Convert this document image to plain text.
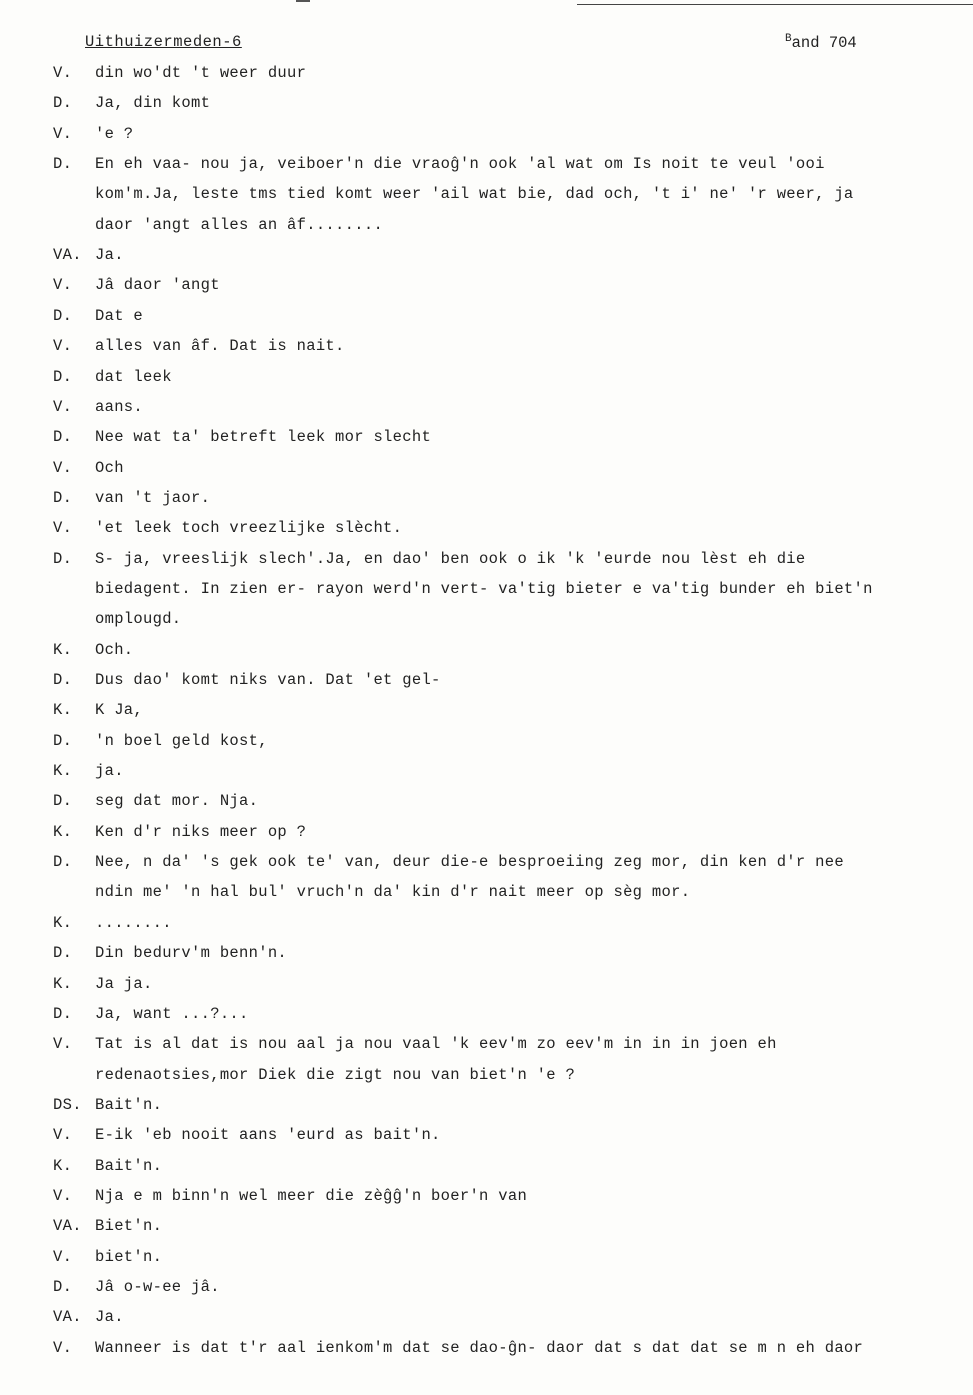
Uithuizermeden-6	$^B$and 704
V. din wo'dt 't weer duur
D. Ja, din komt
V. 'e ?
D. En eh vaa- nou ja, veiboer'n die vraoĝ'n ook 'al wat om Is noit te veul 'ooi
kom'm.Ja, leste tms tied komt weer 'ail wat bie, dad och, 't i' ne' 'r weer, ja
daor 'angt alles an âf........
VA. Ja.
V. Jâ daor 'angt
D. Dat e
V. alles van âf. Dat is nait.
D. dat leek
V. aans.
D. Nee wat ta' betreft leek mor slecht
V. Och
D. van 't jaor.
V. 'et leek toch vreezlijke slècht.
D. S- ja, vreeslijk slech'.Ja, en dao' ben ook o ik 'k 'eurde nou lèst eh die
biedagent. In zien er- rayon werd'n vert- va'tig bieter e va'tig bunder eh biet'n
omplougd.
K. Och.
D. Dus dao' komt niks van. Dat 'et gel-
K. K Ja,
D. 'n boel geld kost,
K. ja.
D. seg dat mor. Nja.
K. Ken d'r niks meer op ?
D. Nee, n da' 's gek ook te' van, deur die-e besproeiing zeg mor, din ken d'r nee
ndin me' 'n hal bul' vruch'n da' kin d'r nait meer op sèg mor.
K. ........
D. Din bedurv'm benn'n.
K. Ja ja.
D. Ja, want ...?...
V. Tat is al dat is nou aal ja nou vaal 'k eev'm zo eev'm in in in joen eh
redenaotsies,mor Diek die zigt nou van biet'n 'e ?
DS. Bait'n.
V. E-ik 'eb nooit aans 'eurd as bait'n.
K. Bait'n.
V. Nja e m binn'n wel meer die zèĝĝ'n boer'n van
VA. Biet'n.
V. biet'n.
D. Jâ o-w-ee jâ.
VA. Ja.
V. Wanneer is dat t'r aal ienkom'm dat se dao-ĝn- daor dat s dat dat se m n eh daor
